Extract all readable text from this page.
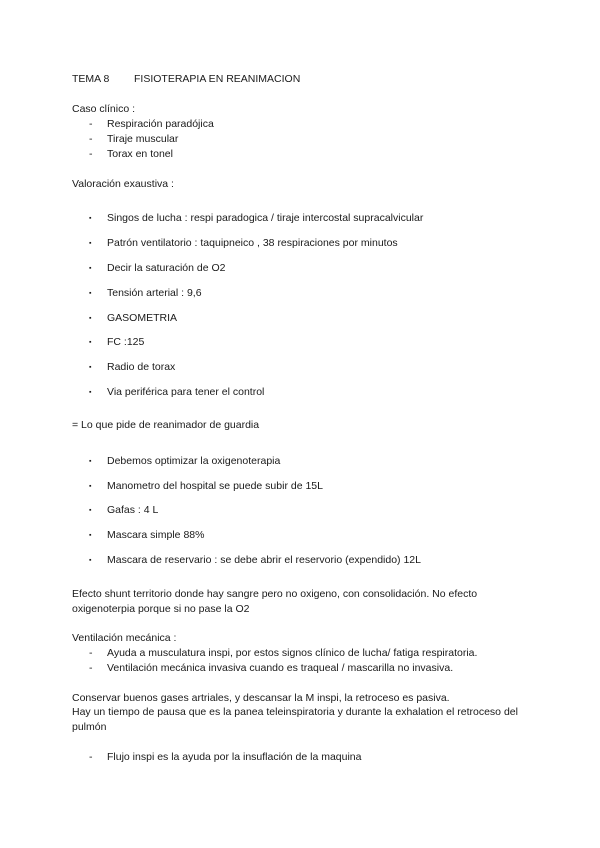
TEMA 8 FISIOTERAPIA EN REANIMACION
Caso clínico :
- Respiración paradójica
- Tiraje muscular
- Torax en tonel
Valoración exaustiva :
▪ Singos de lucha : respi paradogica / tiraje intercostal supracalvicular
▪ Patrón ventilatorio : taquipneico , 38 respiraciones por minutos
▪ Decir la saturación de O2
▪ Tensión arterial : 9,6
▪ GASOMETRIA
▪ FC :125
▪ Radio de torax
▪ Via periférica para tener el control
= Lo que pide de reanimador de guardia
▪ Debemos optimizar la oxigenoterapia
▪ Manometro del hospital se puede subir de 15L
▪ Gafas : 4 L
▪ Mascara simple 88%
▪ Mascara de reservario : se debe abrir el reservorio (expendido) 12L
Efecto shunt territorio donde hay sangre pero no oxigeno, con consolidación. No efecto oxigenoterpia porque si no pase la O2
Ventilación mecánica :
- Ayuda a musculatura inspi, por estos signos clínico de lucha/ fatiga respiratoria.
- Ventilación mecánica invasiva cuando es traqueal / mascarilla no invasiva.
Conservar buenos gases artriales, y descansar la M inspi, la retroceso es pasiva.
Hay un tiempo de pausa que es la panea teleinspiratoria y durante la exhalation el retroceso del pulmón
- Flujo inspi es la ayuda por la insuflación de la maquina
